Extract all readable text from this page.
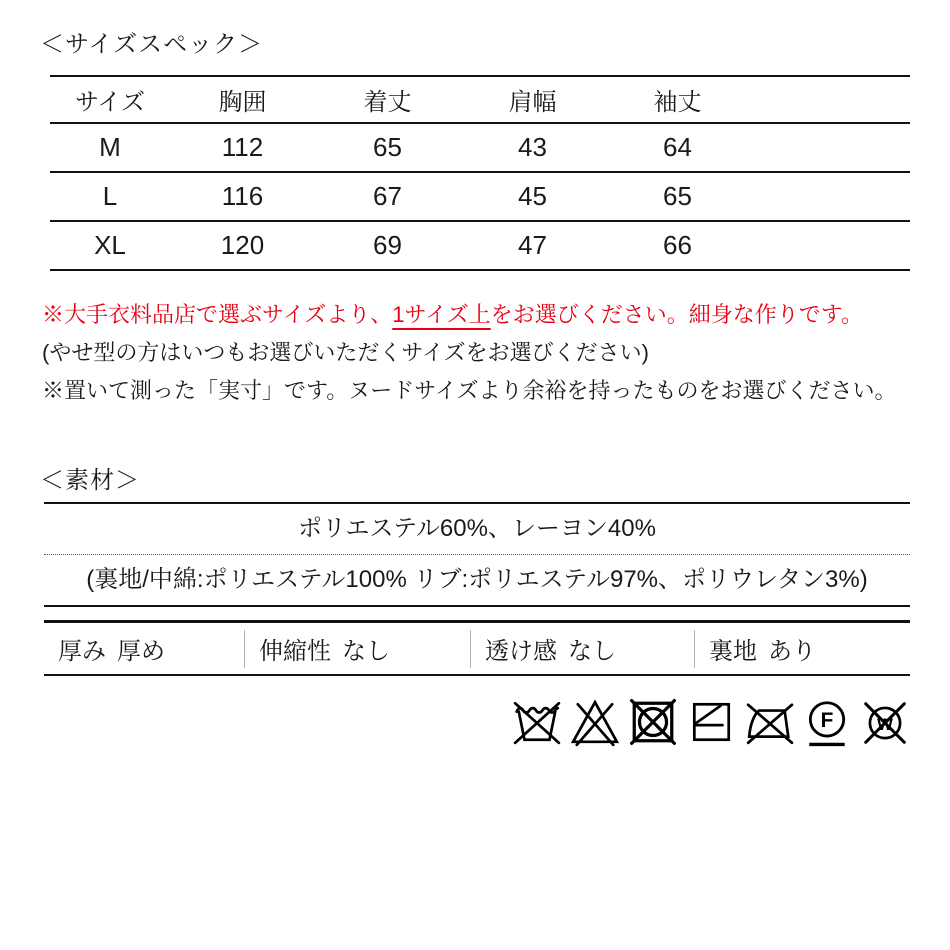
＜サイズスペック＞
サイズ	胸囲	着丈	肩幅	袖丈	
M	112	65	43	64	
L	116	67	45	65	
XL	120	69	47	66	

※大手衣料品店で選ぶサイズより、1サイズ上をお選びください。細身な作りです。

(やせ型の方はいつもお選びいただくサイズをお選びください)

※置いて測った「実寸」です。ヌードサイズより余裕を持ったものをお選びください。

＜素材＞
ポリエステル60%、レーヨン40%
(裏地/中綿:ポリエステル100% リブ:ポリエステル97%、ポリウレタン3%)
厚み 厚め	伸縮性 なし	透け感 なし	裏地 あり
F	W
